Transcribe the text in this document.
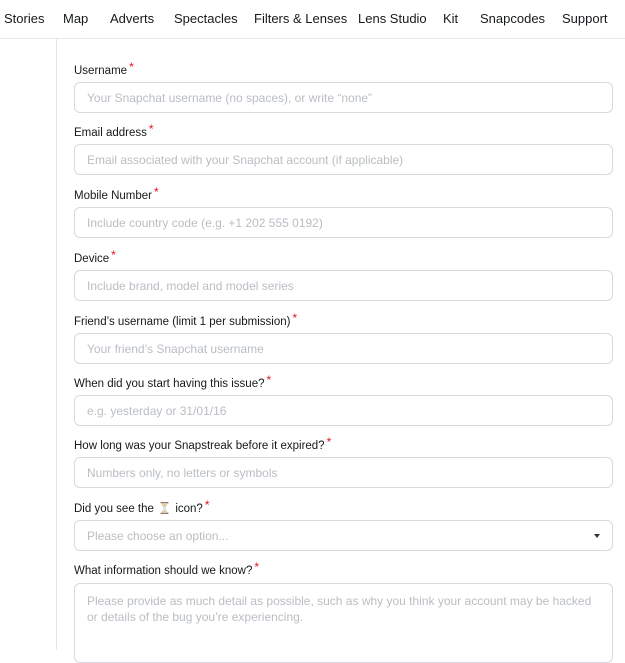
Stories Map Adverts Spectacles Filters & Lenses Lens Studio Kit Snapcodes Support
Username *
Your Snapchat username (no spaces), or write “none”
Email address *
Email associated with your Snapchat account (if applicable)
Mobile Number *
Include country code (e.g. +1 202 555 0192)
Device *
Include brand, model and model series
Friend’s username (limit 1 per submission) *
Your friend’s Snapchat username
When did you start having this issue? *
e.g. yesterday or 31/01/16
How long was your Snapstreak before it expired? *
Numbers only, no letters or symbols
Did you see the icon? *
Please choose an option...
What information should we know? *
Please provide as much detail as possible, such as why you think your account may be hacked or details of the bug you’re experiencing.
